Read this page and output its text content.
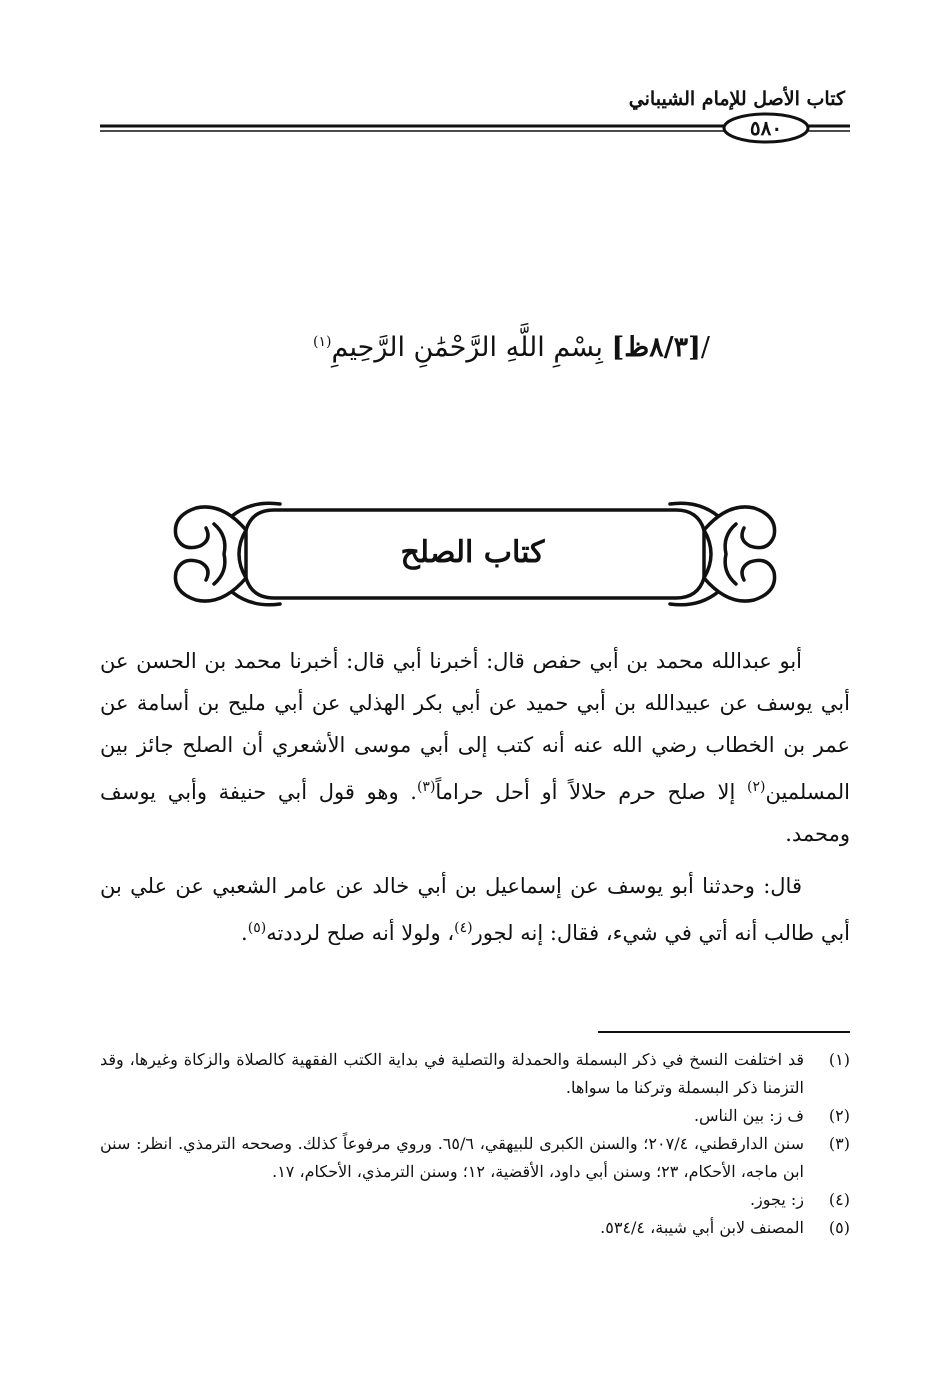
كتاب الأصل للإمام الشيباني
٥٨٠
/[٨/٣ظ] بِسْمِ اللَّهِ الرَّحْمَٰنِ الرَّحِيمِ$^{(١)}$
كتاب الصلح

أبو عبدالله محمد بن أبي حفص قال: أخبرنا أبي قال: أخبرنا محمد بن الحسن عن أبي يوسف عن عبيدالله بن أبي حميد عن أبي بكر الهذلي عن أبي مليح بن أسامة عن عمر بن الخطاب رضي الله عنه أنه كتب إلى أبي موسى الأشعري أن الصلح جائز بين المسلمين$^{(٢)}$ إلا صلح حرم حلالاً أو أحل حراماً$^{(٣)}$. وهو قول أبي حنيفة وأبي يوسف ومحمد.

قال: وحدثنا أبو يوسف عن إسماعيل بن أبي خالد عن عامر الشعبي عن علي بن أبي طالب أنه أتي في شيء، فقال: إنه لجور$^{(٤)}$، ولولا أنه صلح لرددته$^{(٥)}$.

(١)
قد اختلفت النسخ في ذكر البسملة والحمدلة والتصلية في بداية الكتب الفقهية كالصلاة والزكاة وغيرها، وقد التزمنا ذكر البسملة وتركنا ما سواها.
(٢)
ف ز: بين الناس.
(٣)
سنن الدارقطني، ٢٠٧/٤؛ والسنن الكبرى للبيهقي، ٦٥/٦. وروي مرفوعاً كذلك. وصححه الترمذي. انظر: سنن ابن ماجه، الأحكام، ٢٣؛ وسنن أبي داود، الأقضية، ١٢؛ وسنن الترمذي، الأحكام، ١٧.
(٤)
ز: يجوز.
(٥)
المصنف لابن أبي شيبة، ٥٣٤/٤.
